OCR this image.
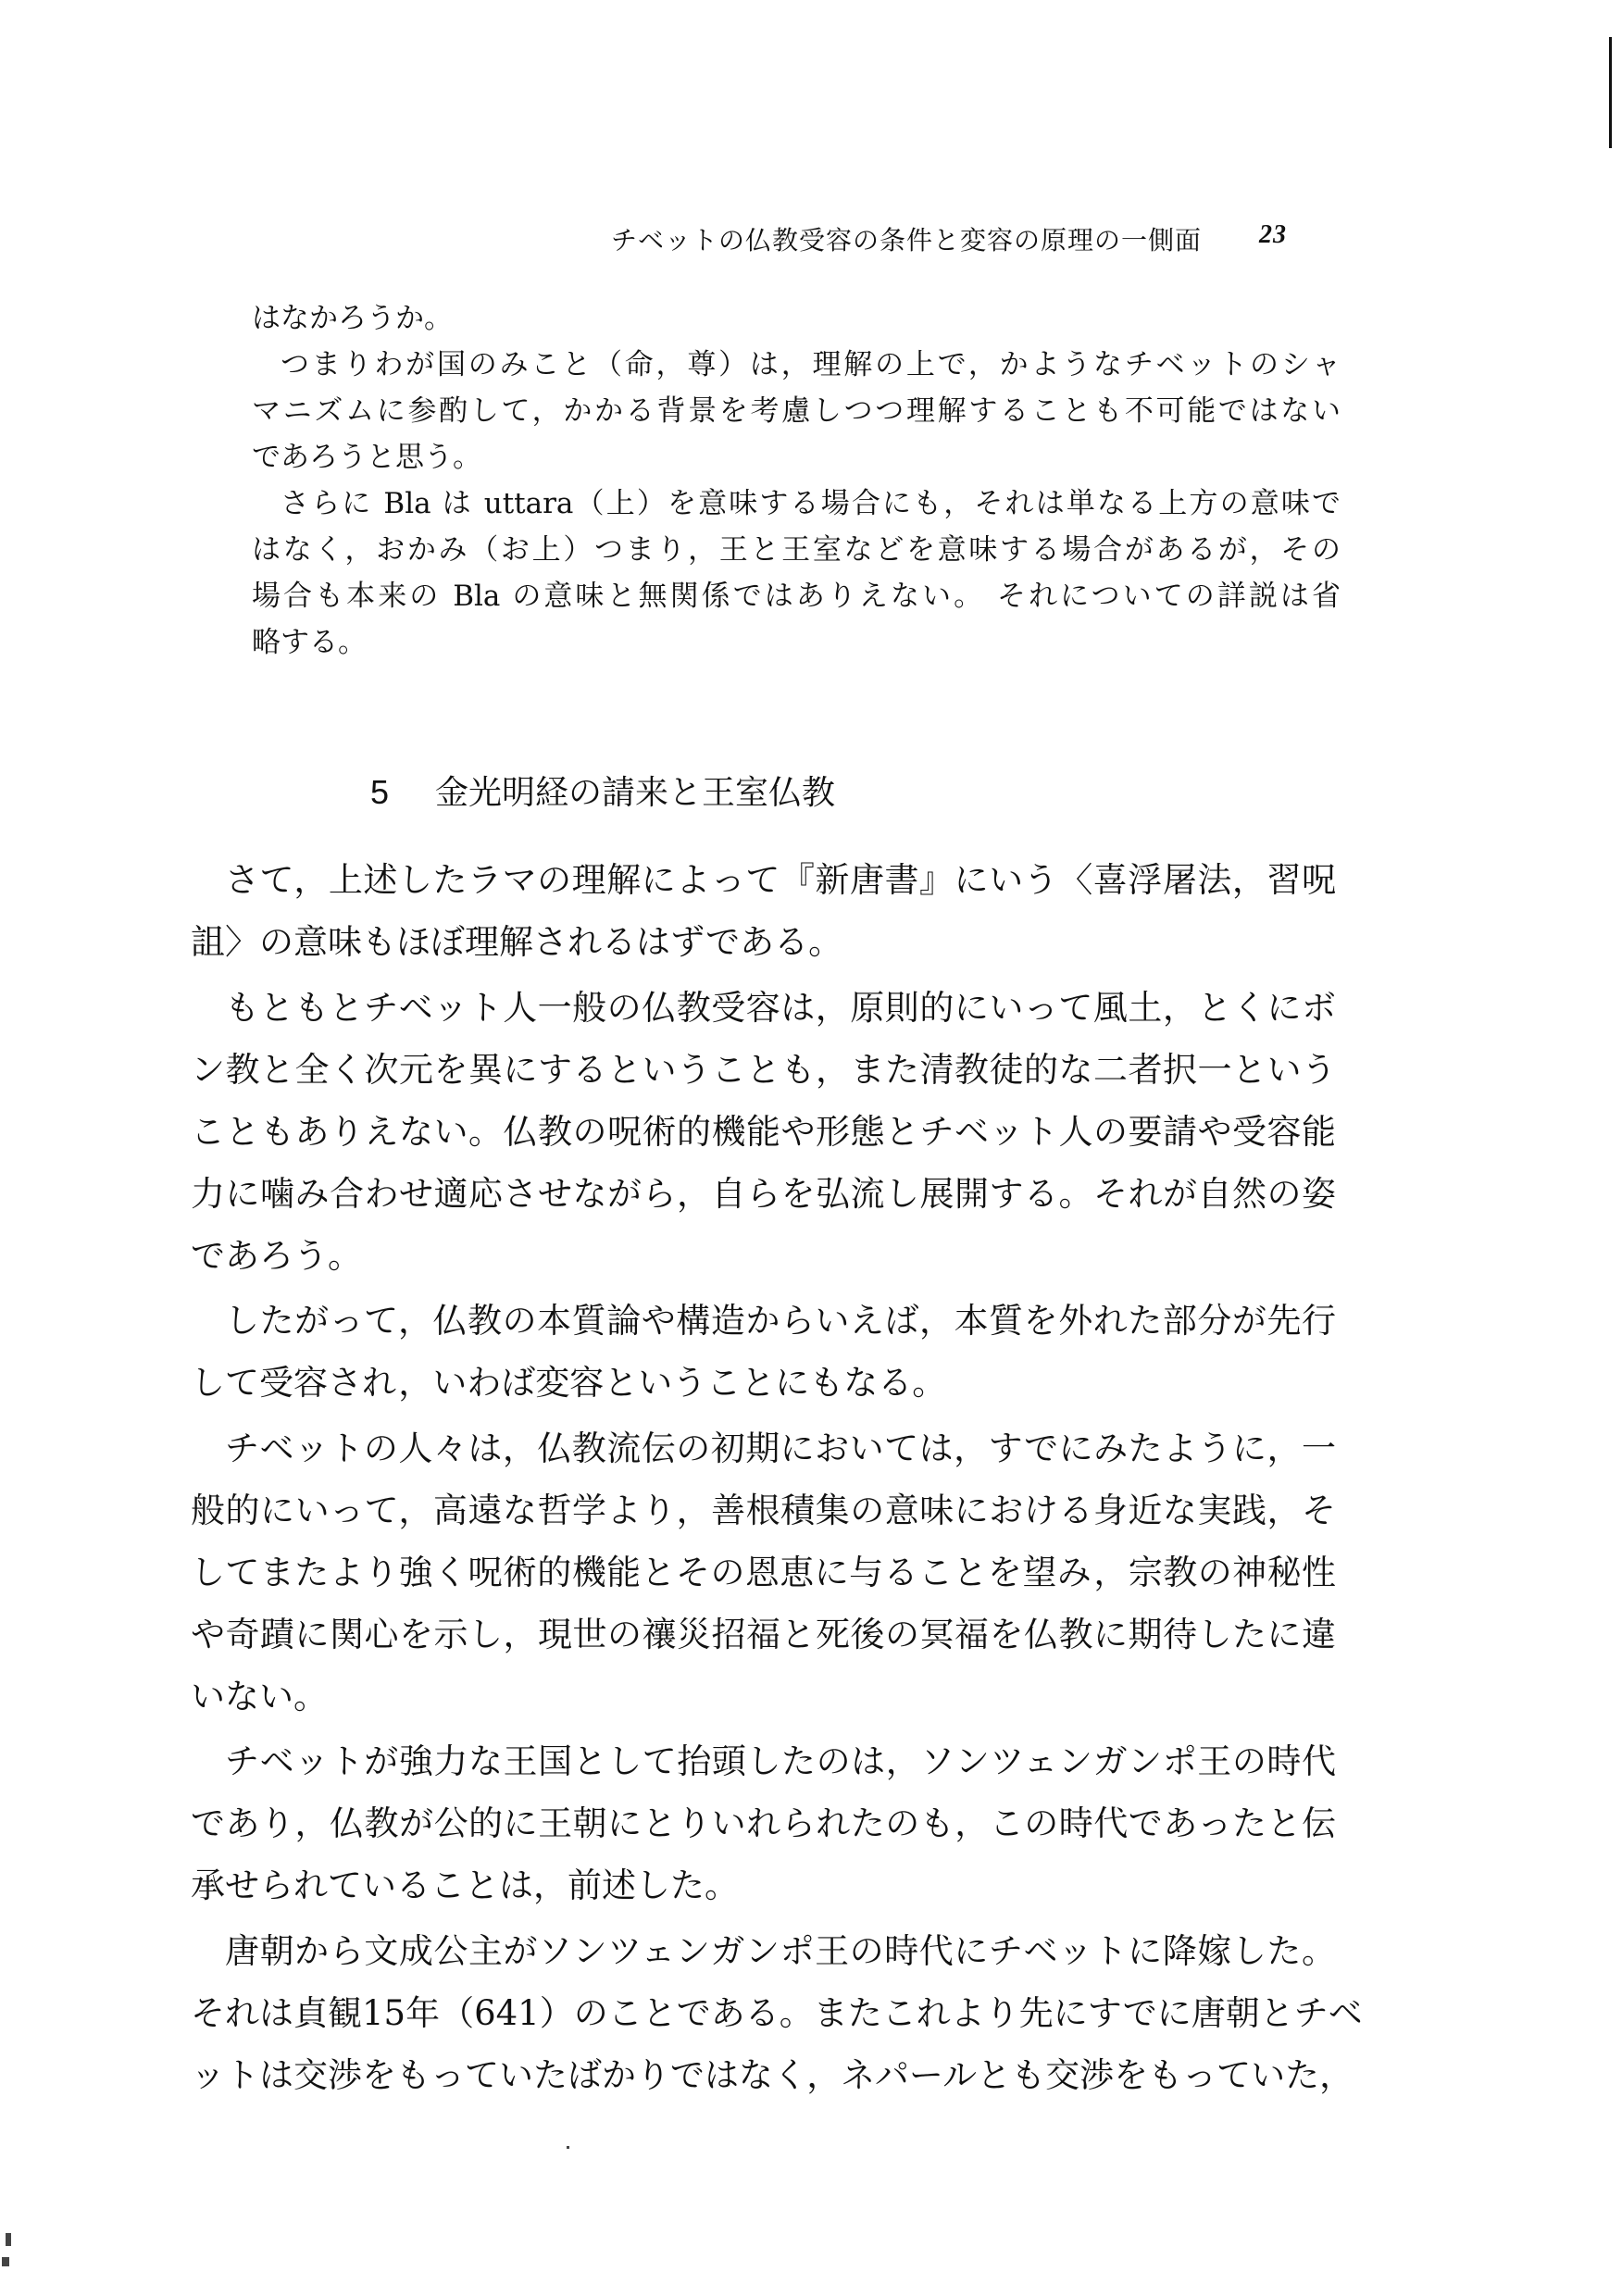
チベットの仏教受容の条件と変容の原理の一側面 23
はなかろうか。
つまりわが国のみこと（命，尊）は，理解の上で，かようなチベットのシャ
マニズムに参酌して，かかる背景を考慮しつつ理解することも不可能ではない
であろうと思う。
さらに Bla は uttara（上）を意味する場合にも，それは単なる上方の意味で
はなく，おかみ（お上）つまり，王と王室などを意味する場合があるが，その
場合も本来の Bla の意味と無関係ではありえない。 それについての詳説は省
略する。
5 金光明経の請来と王室仏教
さて，上述したラマの理解によって『新唐書』にいう〈喜浮屠法，習呪
詛〉の意味もほぼ理解されるはずである。
もともとチベット人一般の仏教受容は，原則的にいって風土，とくにボ
ン教と全く次元を異にするということも，また清教徒的な二者択一という
こともありえない。仏教の呪術的機能や形態とチベット人の要請や受容能
力に噛み合わせ適応させながら，自らを弘流し展開する。それが自然の姿
であろう。
したがって，仏教の本質論や構造からいえば，本質を外れた部分が先行
して受容され，いわば変容ということにもなる。
チベットの人々は，仏教流伝の初期においては，すでにみたように，一
般的にいって，高遠な哲学より，善根積集の意味における身近な実践，そ
してまたより強く呪術的機能とその恩恵に与ることを望み，宗教の神秘性
や奇蹟に関心を示し，現世の禳災招福と死後の冥福を仏教に期待したに違
いない。
チベットが強力な王国として抬頭したのは，ソンツェンガンポ王の時代
であり，仏教が公的に王朝にとりいれられたのも，この時代であったと伝
承せられていることは，前述した。
唐朝から文成公主がソンツェンガンポ王の時代にチベットに降嫁した。
それは貞観15年（641）のことである。またこれより先にすでに唐朝とチベ
ットは交渉をもっていたばかりではなく，ネパールとも交渉をもっていた，
